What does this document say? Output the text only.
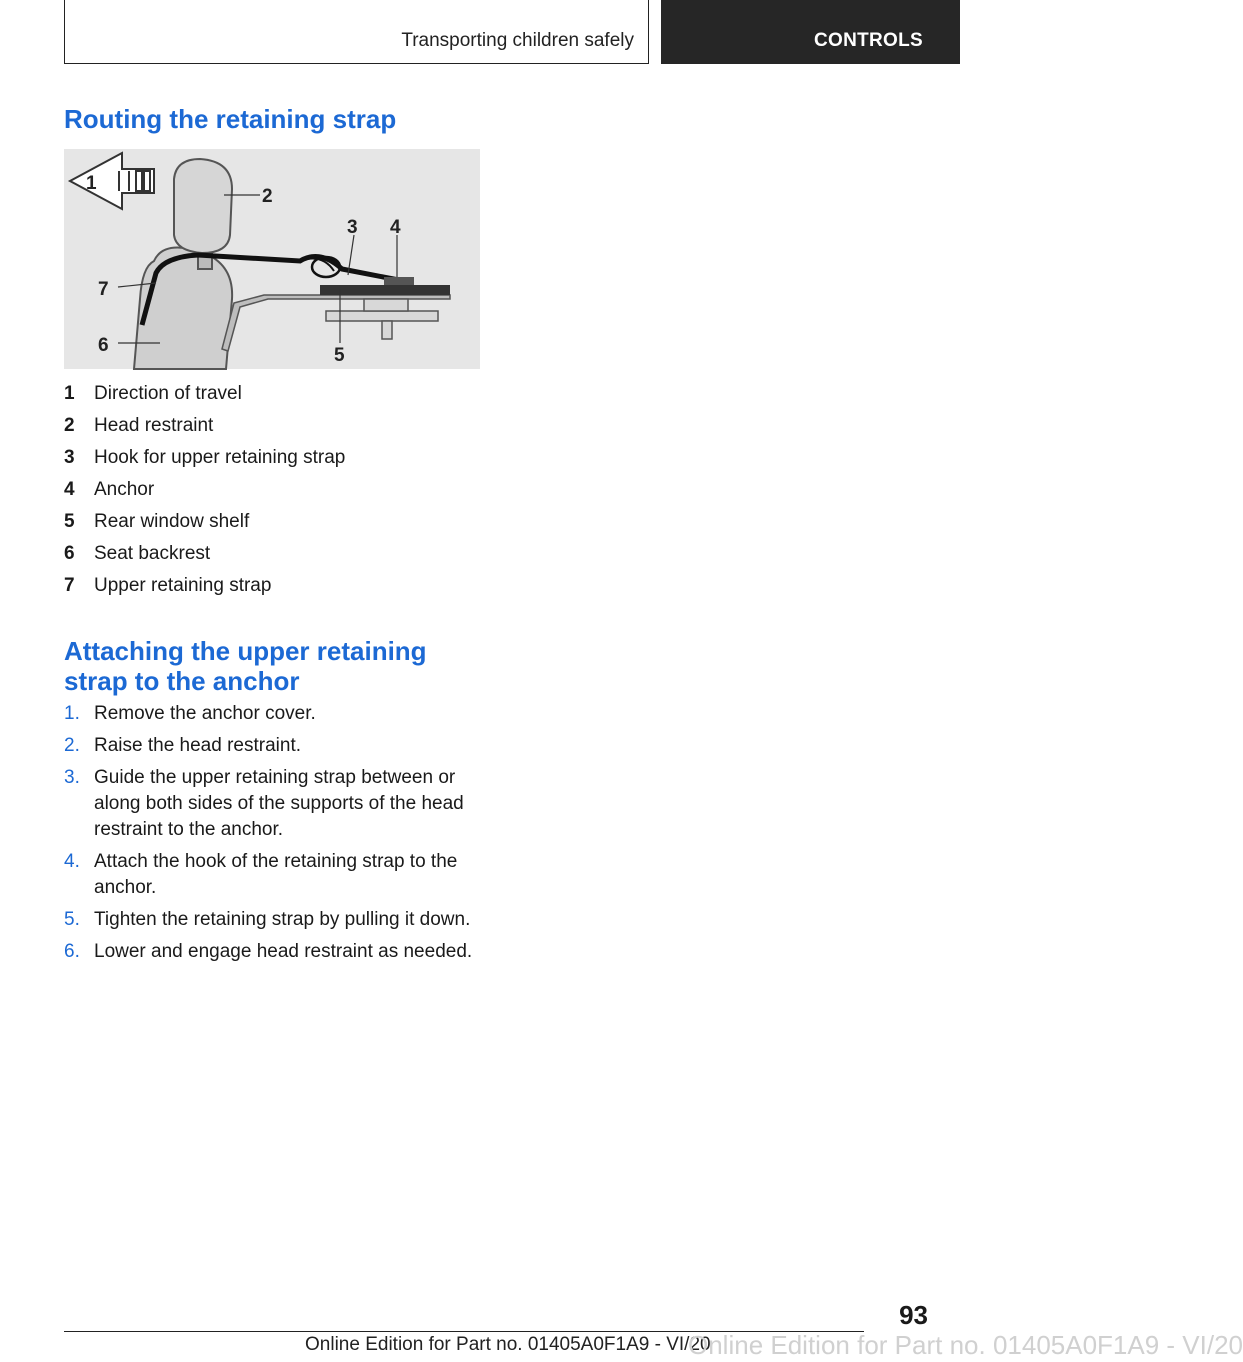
Transporting children safely	CONTROLS
Routing the retaining strap
1
2
3 4
5
6
7
1 Direction of travel
2 Head restraint
3 Hook for upper retaining strap
4 Anchor
5 Rear window shelf
6 Seat backrest
7 Upper retaining strap
Attaching the upper retaining strap to the anchor
1. Remove the anchor cover.
2. Raise the head restraint.
3. Guide the upper retaining strap between or along both sides of the supports of the head restraint to the anchor.
4. Attach the hook of the retaining strap to the anchor.
5. Tighten the retaining strap by pulling it down.
6. Lower and engage head restraint as needed.
93
Online Edition for Part no. 01405A0F1A9 - VI/20
Online Edition for Part no. 01405A0F1A9 - VI/20
